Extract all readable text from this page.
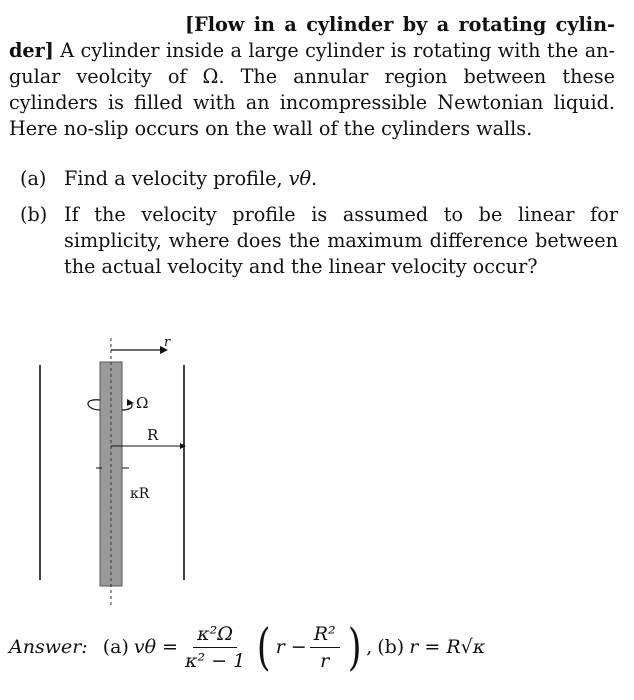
[Flow in a cylinder by a rotating cylin- der] A cylinder inside a large cylinder is rotating with the an-gular veolcity of Ω. The annular region between these cylinders is filled with an incompressible Newtonian liquid. Here no-slip occurs on the wall of the cylinders walls.
(a) Find a velocity profile, vθ.
(b) If the velocity profile is assumed to be linear for simplicity, where does the maximum difference between the actual velocity and the linear velocity occur?
r
Ω
R
κR
Answer: (a) $v\theta = \frac{\text{κ²Ω}}{\text{κ² − 1}}$ ( $r - \frac{\text{R²}}{r}$ ) , (b) r = R√κ
